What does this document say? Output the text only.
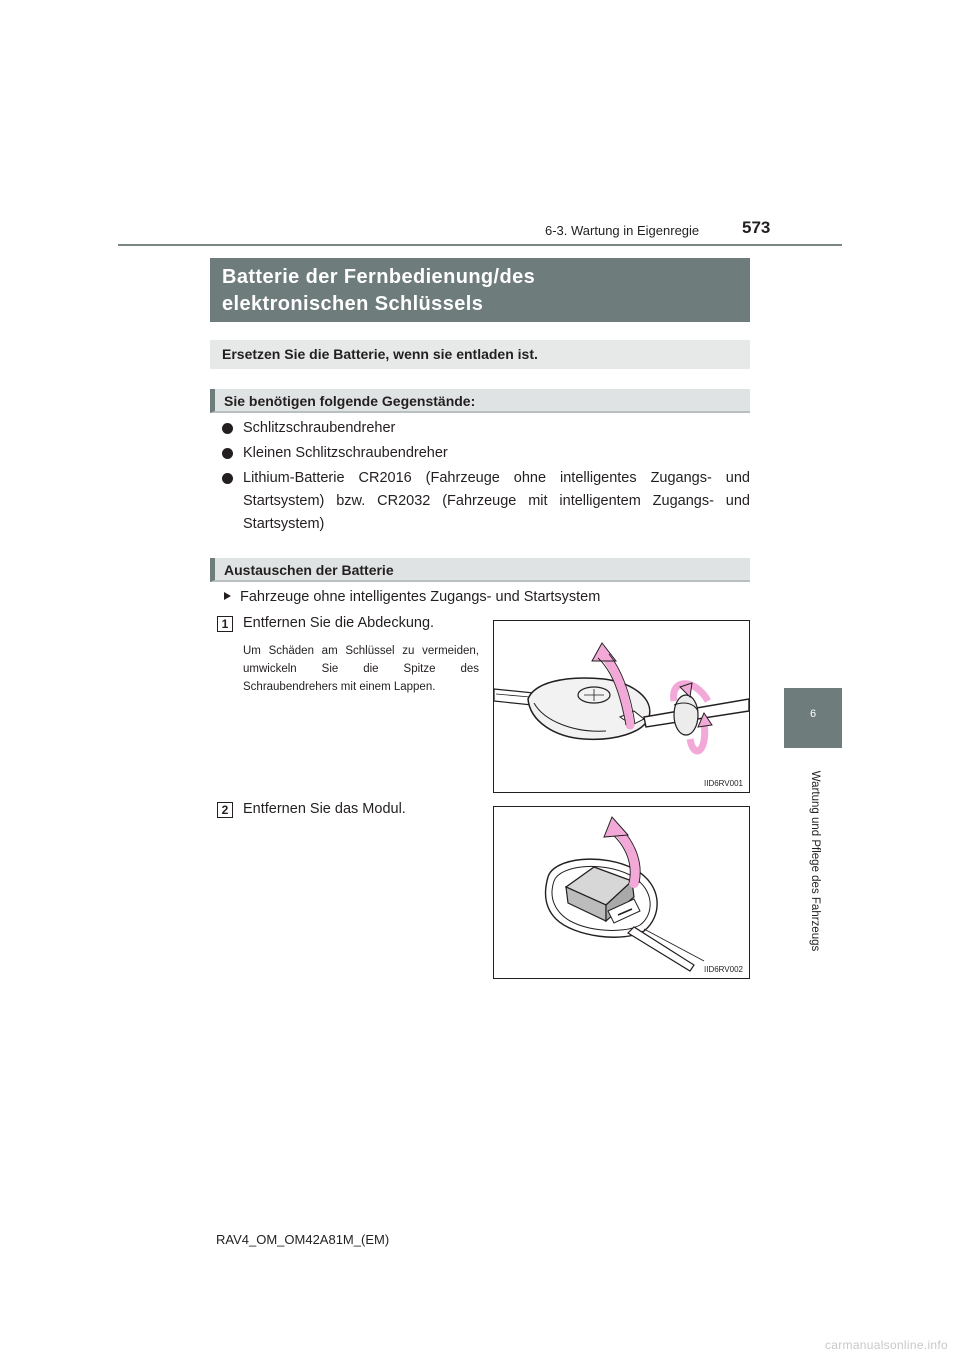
6-3. Wartung in Eigenregie	573
Batterie der Fernbedienung/des
elektronischen Schlüssels
Ersetzen Sie die Batterie, wenn sie entladen ist.
Sie benötigen folgende Gegenstände:
Schlitzschraubendreher
Kleinen Schlitzschraubendreher
Lithium-Batterie CR2016 (Fahrzeuge ohne intelligentes Zugangs- und Startsystem) bzw. CR2032 (Fahrzeuge mit intelligentem Zugangs- und Startsystem)
Austauschen der Batterie
Fahrzeuge ohne intelligentes Zugangs- und Startsystem
1	Entfernen Sie die Abdeckung.
Um Schäden am Schlüssel zu vermeiden, umwickeln Sie die Spitze des Schraubendrehers mit einem Lappen.
IID6RV001
2	Entfernen Sie das Modul.
IID6RV002
6
Wartung und Pflege des Fahrzeugs
RAV4_OM_OM42A81M_(EM)
carmanualsonline.info
